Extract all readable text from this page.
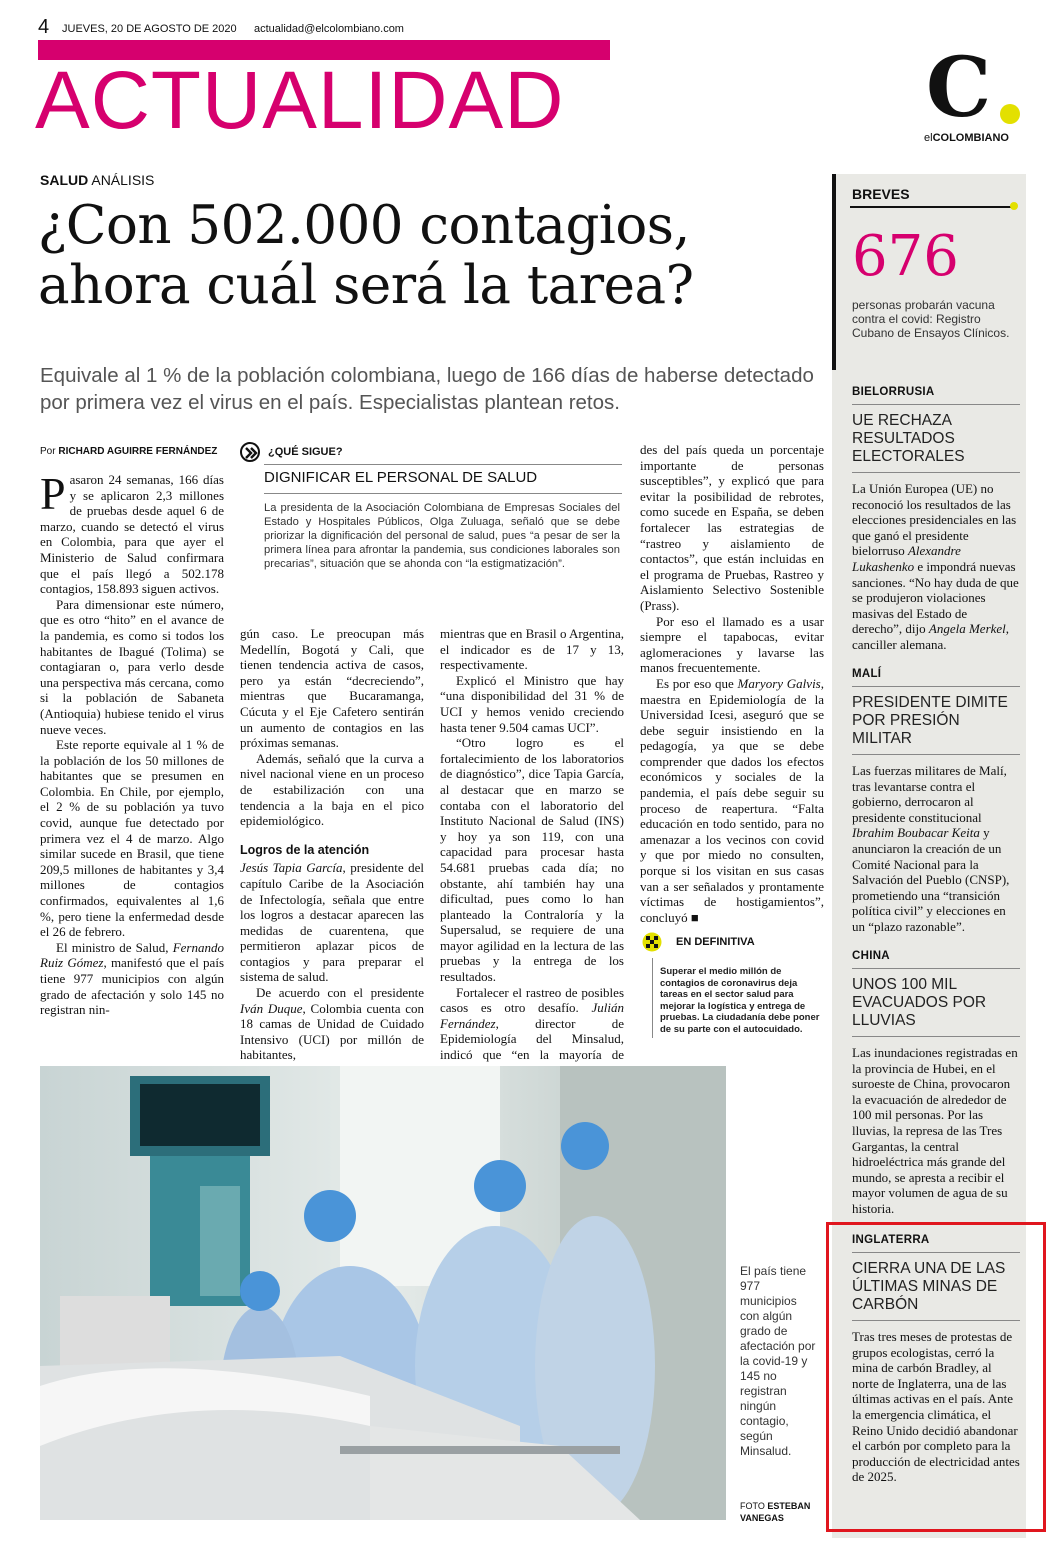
4 JUEVES, 20 DE AGOSTO DE 2020 actualidad@elcolombiano.com
ACTUALIDAD	C
elCOLOMBIANO
SALUD ANÁLISIS
¿Con 502.000 contagios,
ahora cuál será la tarea?
Equivale al 1 % de la población colombiana, luego de 166 días de haberse detectado por primera vez el virus en el país. Especialistas plantean retos.
Por RICHARD AGUIRRE FERNÁNDEZ

Pasaron 24 semanas, 166 días y se aplicaron 2,3 millones de pruebas desde aquel 6 de marzo, cuando se detectó el virus en Colombia, para que ayer el Ministerio de Salud confirmara que el país llegó a 502.178 contagios, 158.893 siguen activos.

Para dimensionar este número, que es otro “hito” en el avance de la pandemia, es como si todos los habitantes de Ibagué (Tolima) se contagiaran o, para verlo desde una perspectiva más cercana, como si la población de Sabaneta (Antioquia) hubiese tenido el virus nueve veces.

Este reporte equivale al 1 % de la población de los 50 millones de habitantes que se presumen en Colombia. En Chile, por ejemplo, el 2 % de su población ya tuvo covid, aunque fue detectado por primera vez el 4 de marzo. Algo similar sucede en Brasil, que tiene 209,5 millones de habitantes y 3,4 millones de contagios confirmados, equivalentes al 1,6 %, pero tiene la enfermedad desde el 26 de febrero.

El ministro de Salud, Fernando Ruiz Gómez, manifestó que el país tiene 977 municipios con algún grado de afectación y solo 145 no registran nin-

¿QUÉ SIGUE?
DIGNIFICAR EL PERSONAL DE SALUD
La presidenta de la Asociación Colombiana de Empresas Sociales del Estado y Hospitales Públicos, Olga Zuluaga, señaló que se debe priorizar la dignificación del personal de salud, pues “a pesar de ser la primera línea para afrontar la pandemia, sus condiciones laborales son precarias”, situación que se ahonda con “la estigmatización”.

gún caso. Le preocupan más Medellín, Bogotá y Cali, que tienen tendencia activa de casos, pero ya están “decreciendo”, mientras que Bucaramanga, Cúcuta y el Eje Cafetero sentirán un aumento de contagios en las próximas semanas.

Además, señaló que la curva a nivel nacional viene en un proceso de estabilización con una tendencia a la baja en el pico epidemiológico.

Logros de la atención

Jesús Tapia García, presidente del capítulo Caribe de la Asociación de Infectología, señala que entre los logros a destacar aparecen las medidas de cuarentena, que permitieron aplazar picos de contagios y para preparar el sistema de salud.

De acuerdo con el presidente Iván Duque, Colombia cuenta con 18 camas de Unidad de Cuidado Intensivo (UCI) por millón de habitantes,

mientras que en Brasil o Argentina, el indicador es de 17 y 13, respectivamente.

Explicó el Ministro que hay “una disponibilidad del 31 % de UCI y hemos venido creciendo hasta tener 9.504 camas UCI”.

“Otro logro es el fortalecimiento de los laboratorios de diagnóstico”, dice Tapia García, al destacar que en marzo se contaba con el laboratorio del Instituto Nacional de Salud (INS) y hoy ya son 119, con una capacidad para procesar hasta 54.681 pruebas cada día; no obstante, ahí también hay una dificultad, pues como lo han planteado la Contraloría y la Supersalud, se requiere de una mayor agilidad en la lectura de las pruebas y la entrega de los resultados.

Fortalecer el rastreo de posibles casos es otro desafío. Julián Fernández, director de Epidemiología del Minsalud, indicó que “en la mayoría de

des del país queda un porcentaje importante de personas susceptibles”, y explicó que para evitar la posibilidad de rebrotes, como sucede en España, se deben fortalecer las estrategias de “rastreo y aislamiento de contactos”, que están incluidas en el programa de Pruebas, Rastreo y Aislamiento Selectivo Sostenible (Prass).

Por eso el llamado es a usar siempre el tapabocas, evitar aglomeraciones y lavarse las manos frecuentemente.

Es por eso que Maryory Galvis, maestra en Epidemiología de la Universidad Icesi, aseguró que se debe seguir insistiendo en la pedagogía, ya que se debe comprender que dados los efectos económicos y sociales de la pandemia, el país debe seguir su proceso de reapertura. “Falta educación en todo sentido, para no amenazar a los vecinos con covid y que por miedo no consulten, porque si los visitan en sus casas van a ser señalados y prontamente víctimas de hostigamientos”, concluyó ■

EN DEFINITIVA
Superar el medio millón de contagios de coronavirus deja tareas en el sector salud para mejorar la logística y entrega de pruebas. La ciudadanía debe poner de su parte con el autocuidado.
El país tiene 977 municipios con algún grado de afectación por la covid-19 y 145 no registran ningún contagio, según Minsalud.
FOTO ESTEBAN VANEGAS
BREVES
676
personas probarán vacuna contra el covid: Registro Cubano de Ensayos Clínicos.
BIELORRUSIA
UE RECHAZA RESULTADOS ELECTORALES
La Unión Europea (UE) no reconoció los resultados de las elecciones presidenciales en las que ganó el presidente bielorruso Alexandre Lukashenko e impondrá nuevas sanciones. “No hay duda de que se produjeron violaciones masivas del Estado de derecho”, dijo Angela Merkel, canciller alemana.
MALÍ
PRESIDENTE DIMITE POR PRESIÓN MILITAR
Las fuerzas militares de Malí, tras levantarse contra el gobierno, derrocaron al presidente constitucional Ibrahim Boubacar Keita y anunciaron la creación de un Comité Nacional para la Salvación del Pueblo (CNSP), prometiendo una “transición política civil” y elecciones en un “plazo razonable”.
CHINA
UNOS 100 MIL EVACUADOS POR LLUVIAS
Las inundaciones registradas en la provincia de Hubei, en el suroeste de China, provocaron la evacuación de alrededor de 100 mil personas. Por las lluvias, la represa de las Tres Gargantas, la central hidroeléctrica más grande del mundo, se apresta a recibir el mayor volumen de agua de su historia.
INGLATERRA
CIERRA UNA DE LAS ÚLTIMAS MINAS DE CARBÓN
Tras tres meses de protestas de grupos ecologistas, cerró la mina de carbón Bradley, al norte de Inglaterra, una de las últimas activas en el país. Ante la emergencia climática, el Reino Unido decidió abandonar el carbón por completo para la producción de electricidad antes de 2025.
